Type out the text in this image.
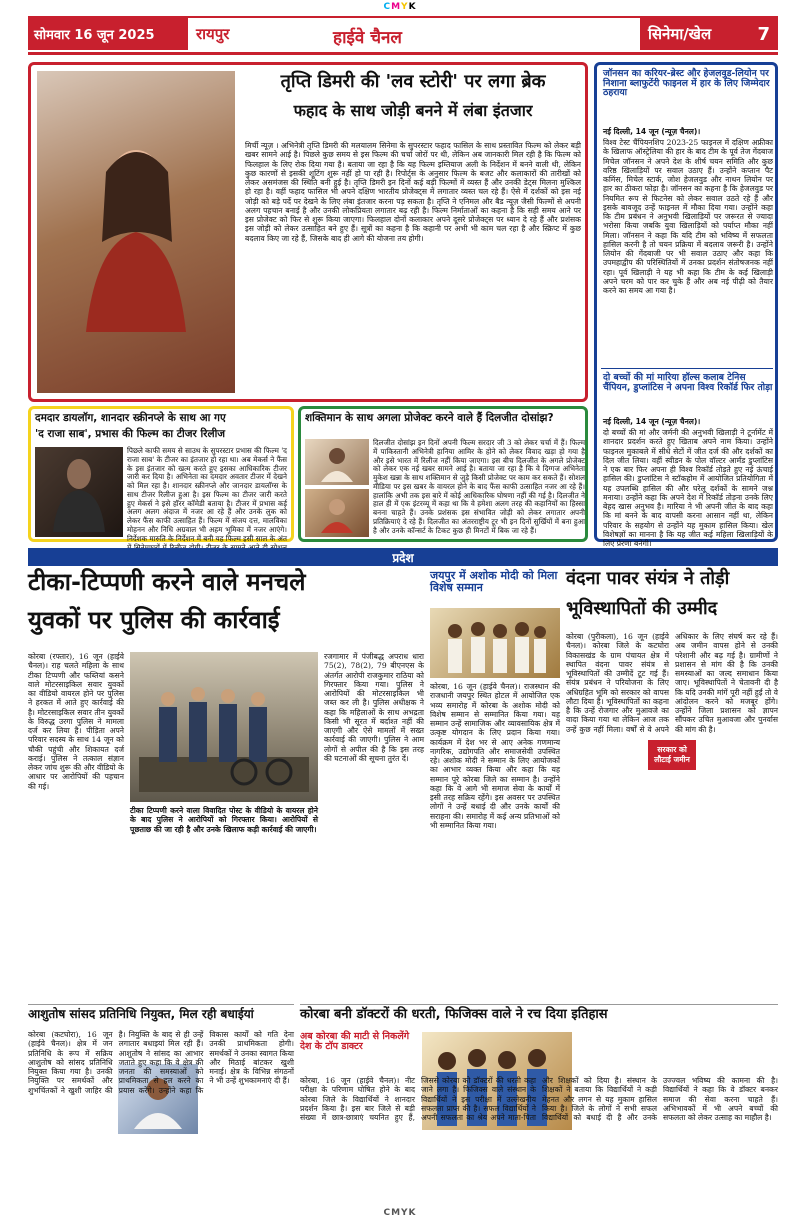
CMYK
सोमवार 16 जून 2025	रायपुर	हाईवे चैनल	सिनेमा/खेल	7
तृप्ति डिमरी की 'लव स्टोरी' पर लगा ब्रेक
फहाद के साथ जोड़ी बनने में लंबा इंतजार
मिर्ची न्यूज़ । अभिनेत्री तृप्ति डिमरी की मलयालम सिनेमा के सुपरस्टार फहाद फासिल के साथ प्रस्तावित फिल्म को लेकर बड़ी खबर सामने आई है। पिछले कुछ समय से इस फिल्म की चर्चा जोरों पर थी, लेकिन अब जानकारी मिल रही है कि फिल्म को फिलहाल के लिए रोक दिया गया है। बताया जा रहा है कि यह फिल्म इम्तियाज अली के निर्देशन में बनने वाली थी, लेकिन कुछ कारणों से इसकी शूटिंग शुरू नहीं हो पा रही है। रिपोर्ट्स के अनुसार फिल्म के बजट और कलाकारों की तारीखों को लेकर असमंजस की स्थिति बनी हुई है। तृप्ति डिमरी इन दिनों कई बड़ी फिल्मों में व्यस्त हैं और उनकी डेट्स मिलना मुश्किल हो रहा है। वहीं फहाद फासिल भी अपने दक्षिण भारतीय प्रोजेक्ट्स में लगातार व्यस्त चल रहे हैं। ऐसे में दर्शकों को इस नई जोड़ी को बड़े पर्दे पर देखने के लिए लंबा इंतजार करना पड़ सकता है। तृप्ति ने एनिमल और बैड न्यूज़ जैसी फिल्मों से अपनी अलग पहचान बनाई है और उनकी लोकप्रियता लगातार बढ़ रही है। फिल्म निर्माताओं का कहना है कि सही समय आने पर इस प्रोजेक्ट को फिर से शुरू किया जाएगा। फिलहाल दोनों कलाकार अपने दूसरे प्रोजेक्ट्स पर ध्यान दे रहे हैं और प्रशंसक इस जोड़ी को लेकर उत्साहित बने हुए हैं। सूत्रों का कहना है कि कहानी पर अभी भी काम चल रहा है और स्क्रिप्ट में कुछ बदलाव किए जा रहे हैं, जिसके बाद ही आगे की योजना तय होगी।
जॉनसन का करियर-ब्रेस्ट और हेजलवुड-लियोन पर निशाना ब्लाफुटेंरी फाइनल में हार के लिए जिम्मेदार ठहराया
नई दिल्ली, 14 जून (न्यूज़ चैनल)।
विश्व टेस्ट चैंपियनशिप 2023-25 फाइनल में दक्षिण अफ्रीका के खिलाफ ऑस्ट्रेलिया की हार के बाद टीम के पूर्व तेज गेंदबाज मिचेल जॉनसन ने अपने देश के शीर्ष चयन समिति और कुछ वरिष्ठ खिलाड़ियों पर सवाल उठाए हैं। उन्होंने कप्तान पैट कमिंस, मिचेल स्टार्क, जोश हेजलवुड और नाथन लियोन पर हार का ठीकरा फोड़ा है। जॉनसन का कहना है कि हेजलवुड पर नियमित रूप से फिटनेस को लेकर सवाल उठते रहे हैं और इसके बावजूद उन्हें फाइनल में मौका दिया गया। उन्होंने कहा कि टीम प्रबंधन ने अनुभवी खिलाड़ियों पर जरूरत से ज्यादा भरोसा किया जबकि युवा खिलाड़ियों को पर्याप्त मौका नहीं मिला। जॉनसन ने कहा कि यदि टीम को भविष्य में सफलता हासिल करनी है तो चयन प्रक्रिया में बदलाव जरूरी है। उन्होंने लियोन की गेंदबाजी पर भी सवाल उठाए और कहा कि उपमहाद्वीप की परिस्थितियों में उनका प्रदर्शन संतोषजनक नहीं रहा। पूर्व खिलाड़ी ने यह भी कहा कि टीम के कई खिलाड़ी अपने चरम को पार कर चुके हैं और अब नई पीढ़ी को तैयार करने का समय आ गया है।
दो बच्चों की मां मारिया हॉल्स कलाब टेनिस चैंपियन, डुप्लांटिस ने अपना विश्व रिकॉर्ड फिर तोड़ा
नई दिल्ली, 14 जून (न्यूज़ चैनल)।
दो बच्चों की मां और जर्मनी की अनुभवी खिलाड़ी ने टूर्नामेंट में शानदार प्रदर्शन करते हुए खिताब अपने नाम किया। उन्होंने फाइनल मुकाबले में सीधे सेटों में जीत दर्ज की और दर्शकों का दिल जीत लिया। वहीं स्वीडन के पोल वॉल्टर आर्मंड डुप्लांटिस ने एक बार फिर अपना ही विश्व रिकॉर्ड तोड़ते हुए नई ऊंचाई हासिल की। डुप्लांटिस ने स्टॉकहोम में आयोजित प्रतियोगिता में यह उपलब्धि हासिल की और घरेलू दर्शकों के सामने जश्न मनाया। उन्होंने कहा कि अपने देश में रिकॉर्ड तोड़ना उनके लिए बेहद खास अनुभव है। मारिया ने भी अपनी जीत के बाद कहा कि मां बनने के बाद वापसी करना आसान नहीं था, लेकिन परिवार के सहयोग से उन्होंने यह मुकाम हासिल किया। खेल विशेषज्ञों का मानना है कि यह जीत कई महिला खिलाड़ियों के लिए प्रेरणा बनेगी।
दमदार डायलॉग, शानदार स्क्रीनप्ले के साथ आ गए
'द राजा साब', प्रभास की फिल्म का टीजर रिलीज
पिछले काफी समय से साउथ के सुपरस्टार प्रभास की फिल्म 'द राजा साब' के टीजर का इंतजार हो रहा था। अब मेकर्स ने फैंस के इस इंतजार को खत्म करते हुए इसका आधिकारिक टीजर जारी कर दिया है। अभिनेता का दमदार अवतार टीजर में देखने को मिल रहा है। शानदार स्क्रीनप्ले और जानदार डायलॉग्स के साथ टीजर रिलीज हुआ है। इस फिल्म का टीजर जारी करते हुए मेकर्स ने इसे हॉरर कॉमेडी बताया है। टीजर में प्रभास कई अलग अलग अंदाज में नजर आ रहे हैं और उनके लुक को लेकर फैंस काफी उत्साहित हैं। फिल्म में संजय दत्त, मालविका मोहनन और निधि अग्रवाल भी अहम भूमिका में नजर आएंगे। निर्देशक मारुति के निर्देशन में बनी यह फिल्म इसी साल के अंत
शक्तिमान के साथ अगला प्रोजेक्ट करने वाले हैं दिलजीत दोसांझ?
दिलजीत दोसांझ इन दिनों अपनी फिल्म सरदार जी 3 को लेकर चर्चा में हैं। फिल्म में पाकिस्तानी अभिनेत्री हानिया आमिर के होने को लेकर विवाद खड़ा हो गया है और इसे भारत में रिलीज नहीं किया जाएगा। इस बीच दिलजीत के अगले प्रोजेक्ट को लेकर एक नई खबर सामने आई है। बताया जा रहा है कि वे दिग्गज अभिनेता मुकेश खन्ना के साथ शक्तिमान से जुड़े किसी प्रोजेक्ट पर काम कर सकते हैं। सोशल मीडिया पर इस खबर के वायरल होने के बाद फैंस काफी उत्साहित नजर आ रहे हैं। हालांकि अभी तक इस बारे में कोई आधिकारिक घोषणा नहीं की गई है। दिलजीत ने हाल ही में एक इंटरव्यू में कहा था कि वे हमेशा अलग तरह की कहानियों का हिस्सा बनना चाहते हैं। उनके प्रशंसक इस संभावित जोड़ी को लेकर लगातार अपनी प्रतिक्रियाएं दे रहे हैं। दिलजीत का अंतरराष्ट्रीय टूर भी इन दिनों सुर्खियों में बना हुआ है और उनके कॉन्सर्ट के टिकट कुछ ही मिनटों में बिक जा रहे हैं।
प्रदेश
टीका-टिप्पणी करने वाले मनचले
युवकों पर पुलिस की कार्रवाई
कोरबा (रफ्तार), 16 जून (हाईवे चैनल)। राह चलते महिला के साथ टीका टिप्पणी और फब्तियां कसने वाले मोटरसाइकिल सवार युवकों का वीडियो वायरल होने पर पुलिस ने हरकत में आते हुए कार्रवाई की है। मोटरसाइकिल सवार तीन युवकों के विरुद्ध उरगा पुलिस ने मामला दर्ज कर लिया है। पीड़िता अपने परिवार सदस्य के साथ 14 जून को चौकी पहुंची और शिकायत दर्ज कराई। पुलिस ने तत्काल संज्ञान लेकर जांच शुरू की और वीडियो के आधार पर आरोपियों की पहचान की गई।
रजगामार में पंजीबद्ध अपराध धारा 75(2), 78(2), 79 बीएनएस के अंतर्गत आरोपी राजकुमार राठिया को गिरफ्तार किया गया। पुलिस ने आरोपियों की मोटरसाइकिल भी जब्त कर ली है। पुलिस अधीक्षक ने कहा कि महिलाओं के साथ अभद्रता किसी भी सूरत में बर्दाश्त नहीं की जाएगी और ऐसे मामलों में सख्त कार्रवाई की जाएगी। पुलिस ने आम लोगों से अपील की है कि इस तरह की घटनाओं की सूचना तुरंत दें।
टीका टिप्पणी करने वाला विवादित पोस्ट के वीडियो के वायरल होने के बाद पुलिस ने आरोपियों को गिरफ्तार किया। आरोपियों से पूछताछ की जा रही है और उनके खिलाफ कड़ी कार्रवाई की जाएगी।
जयपुर में अशोक मोदी को मिला विशेष सम्मान
कोरबा, 16 जून (हाईवे चैनल)। राजस्थान की राजधानी जयपुर स्थित होटल में आयोजित एक भव्य समारोह में कोरबा के अशोक मोदी को विशेष सम्मान से सम्मानित किया गया। यह सम्मान उन्हें सामाजिक और व्यावसायिक क्षेत्र में उत्कृष्ट योगदान के लिए प्रदान किया गया। कार्यक्रम में देश भर से आए अनेक गणमान्य नागरिक, उद्योगपति और समाजसेवी उपस्थित रहे। अशोक मोदी ने सम्मान के लिए आयोजकों का आभार व्यक्त किया और कहा कि यह सम्मान पूरे कोरबा जिले का सम्मान है। उन्होंने कहा कि वे आगे भी समाज सेवा के कार्यों में इसी तरह सक्रिय रहेंगे। इस अवसर पर उपस्थित लोगों ने उन्हें बधाई दी और उनके कार्यों की सराहना की। समारोह में कई अन्य प्रतिभाओं को भी सम्मानित किया गया।
वंदना पावर संयंत्र ने तोड़ी
भूविस्थापितों की उम्मीद
कोरबा (पुरीकला), 16 जून (हाईवे चैनल)। कोरबा जिले के कटघोरा विकासखंड के ग्राम पंचायत क्षेत्र में स्थापित वंदना पावर संयंत्र से भूविस्थापितों की उम्मीदें टूट गई हैं। संयंत्र प्रबंधन ने परियोजना के लिए अधिग्रहित भूमि को सरकार को वापस लौटा दिया है। भूविस्थापितों का कहना है कि उन्हें रोजगार और मुआवजे का वादा किया गया था लेकिन आज तक उन्हें कुछ नहीं मिला। वर्षों से वे अपने अधिकार के लिए संघर्ष कर रहे हैं। अब जमीन वापस होने से उनकी परेशानी और बढ़ गई है। ग्रामीणों ने प्रशासन से मांग की है कि उनकी समस्याओं का जल्द समाधान किया जाए। भूविस्थापितों ने चेतावनी दी है कि यदि उनकी मांगें पूरी नहीं हुईं तो वे आंदोलन करने को मजबूर होंगे। उन्होंने जिला प्रशासन को ज्ञापन सौंपकर उचित मुआवजा और पुनर्वास की मांग की है।
सरकार को लौटाई जमीन
आशुतोष सांसद प्रतिनिधि नियुक्त, मिल रही बधाईयां
कोरबा (कटघोरा), 16 जून (हाईवे चैनल)। क्षेत्र में जन प्रतिनिधि के रूप में सक्रिय आशुतोष को सांसद प्रतिनिधि नियुक्त किया गया है। उनकी नियुक्ति पर समर्थकों और शुभचिंतकों ने खुशी जाहिर की है। नियुक्ति के बाद से ही उन्हें लगातार बधाइयां मिल रही हैं। आशुतोष ने सांसद का आभार जताते हुए कहा कि वे क्षेत्र की जनता की समस्याओं को प्राथमिकता से हल करने का प्रयास करेंगे। उन्होंने कहा कि विकास कार्यों को गति देना उनकी प्राथमिकता होगी। समर्थकों ने उनका स्वागत किया और मिठाई बांटकर खुशी मनाई। क्षेत्र के विभिन्न संगठनों ने भी उन्हें शुभकामनाएं दी हैं।
कोरबा बनी डॉक्टरों की धरती, फिजिक्स वाले ने रच दिया इतिहास
अब कोरबा की माटी से निकलेंगे देश के टॉप डाक्टर
कोरबा, 16 जून (हाईवे चैनल)। नीट परीक्षा के परिणाम घोषित होने के बाद कोरबा जिले के विद्यार्थियों ने शानदार प्रदर्शन किया है। इस बार जिले से बड़ी संख्या में छात्र-छात्राएं चयनित हुए हैं, जिससे कोरबा को डॉक्टरों की धरती कहा जाने लगा है। फिजिक्स वाले संस्थान के विद्यार्थियों ने इस परीक्षा में उल्लेखनीय सफलता प्राप्त की है। सफल विद्यार्थियों ने अपनी सफलता का श्रेय अपने माता-पिता और शिक्षकों को दिया है। संस्थान के शिक्षकों ने बताया कि विद्यार्थियों ने कड़ी मेहनत और लगन से यह मुकाम हासिल किया है। जिले के लोगों ने सभी सफल विद्यार्थियों को बधाई दी है और उनके उज्ज्वल भविष्य की कामना की है। विद्यार्थियों ने कहा कि वे डॉक्टर बनकर समाज की सेवा करना चाहते हैं। अभिभावकों में भी अपने बच्चों की सफलता को लेकर उत्साह का माहौल है।
CMYK
